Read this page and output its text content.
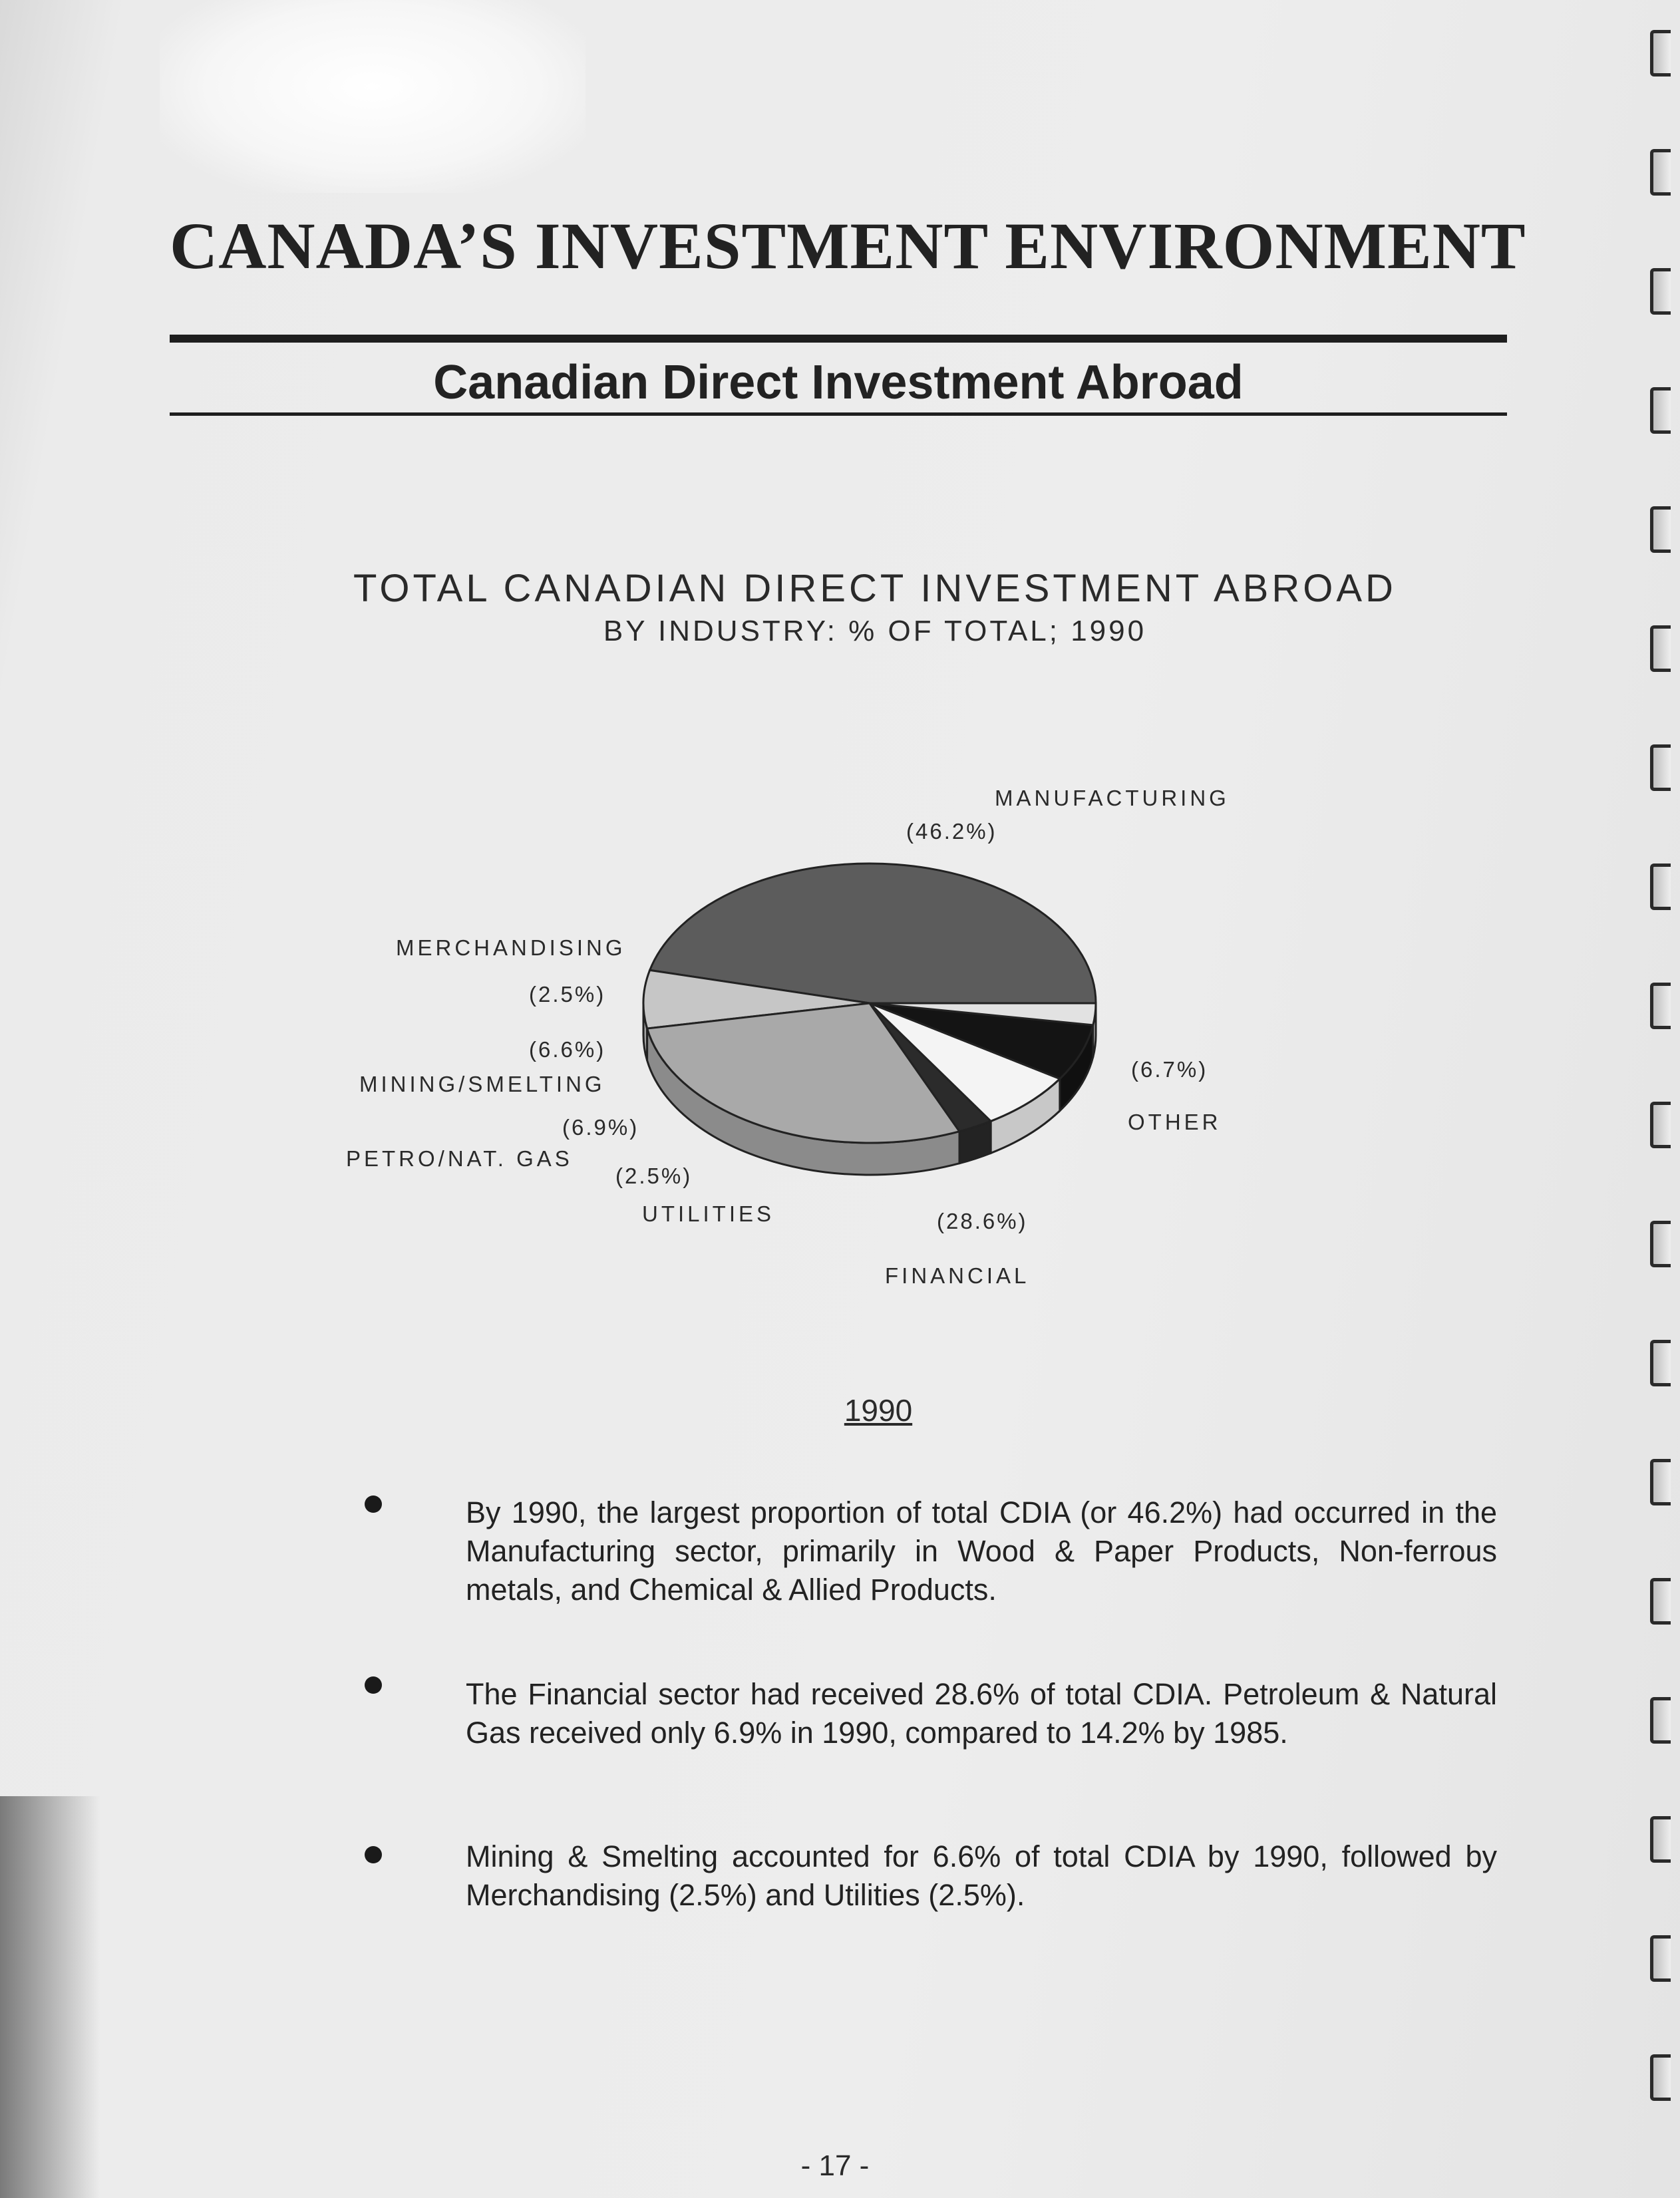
CANADA’S INVESTMENT ENVIRONMENT
Canadian Direct Investment Abroad
TOTAL CANADIAN DIRECT INVESTMENT ABROAD
BY INDUSTRY: % OF TOTAL; 1990
MANUFACTURING
(46.2%)
MERCHANDISING
(2.5%)
(6.6%)
MINING/SMELTING
(6.9%)
PETRO/NAT. GAS
(2.5%)
UTILITIES
(6.7%)
OTHER
(28.6%)
FINANCIAL
1990
By 1990, the largest proportion of total CDIA (or 46.2%) had occurred in the Manufacturing sector, primarily in Wood & Paper Products, Non-ferrous metals, and Chemical & Allied Products.
The Financial sector had received 28.6% of total CDIA. Petroleum & Natural Gas received only 6.9% in 1990, compared to 14.2% by 1985.
Mining & Smelting accounted for 6.6% of total CDIA by 1990, followed by Merchandising (2.5%) and Utilities (2.5%).
- 17 -
